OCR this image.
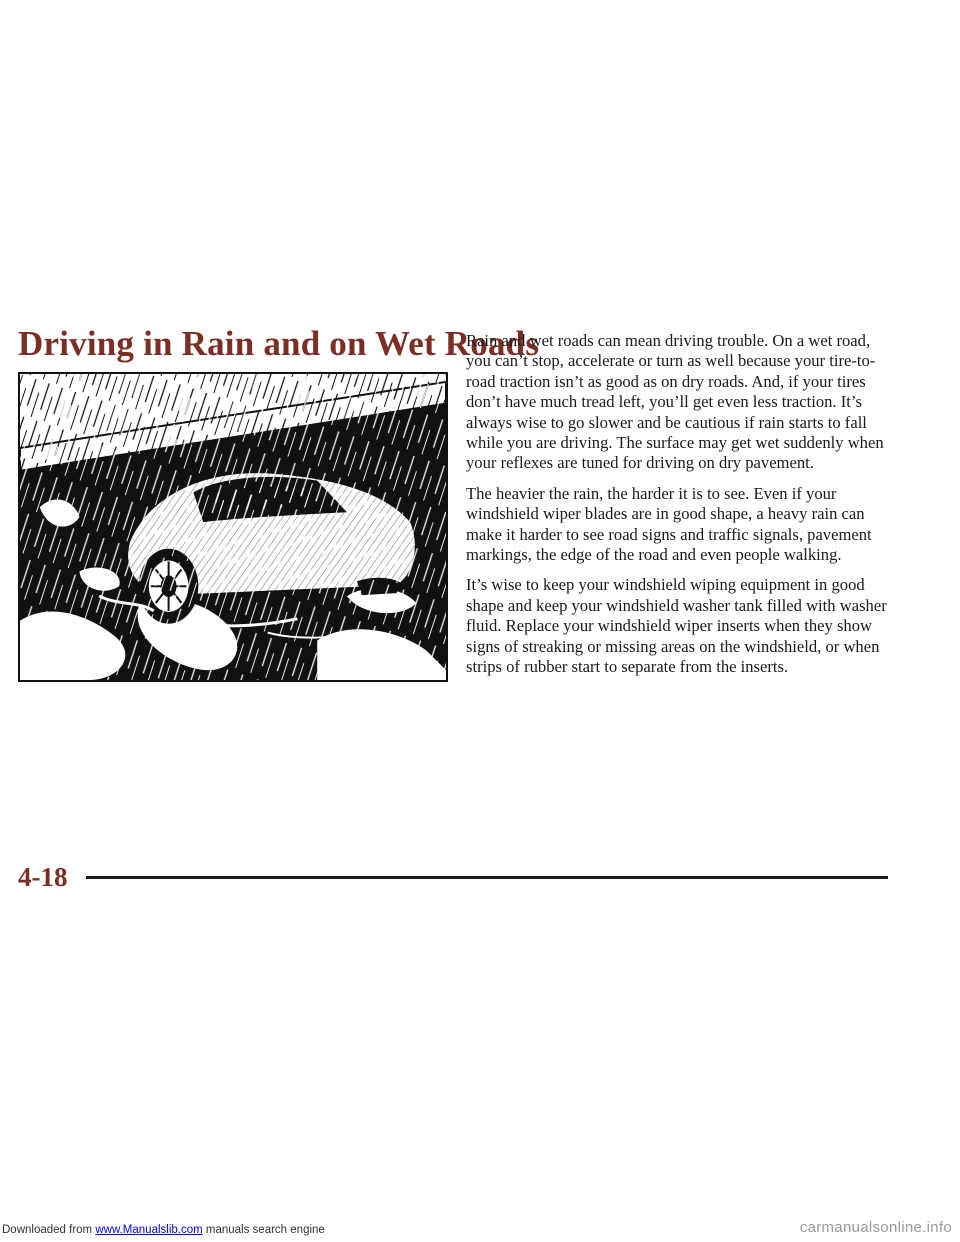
Driving in Rain and on Wet Roads

Rain and wet roads can mean driving trouble. On a wet road, you can’t stop, accelerate or turn as well because your tire-to-road traction isn’t as good as on dry roads. And, if your tires don’t have much tread left, you’ll get even less traction. It’s always wise to go slower and be cautious if rain starts to fall while you are driving. The surface may get wet suddenly when your reflexes are tuned for driving on dry pavement.

The heavier the rain, the harder it is to see. Even if your windshield wiper blades are in good shape, a heavy rain can make it harder to see road signs and traffic signals, pavement markings, the edge of the road and even people walking.

It’s wise to keep your windshield wiping equipment in good shape and keep your windshield washer tank filled with washer fluid. Replace your windshield wiper inserts when they show signs of streaking or missing areas on the windshield, or when strips of rubber start to separate from the inserts.

4-18
Downloaded from www.Manualslib.com manuals search engine	carmanualsonline.info
